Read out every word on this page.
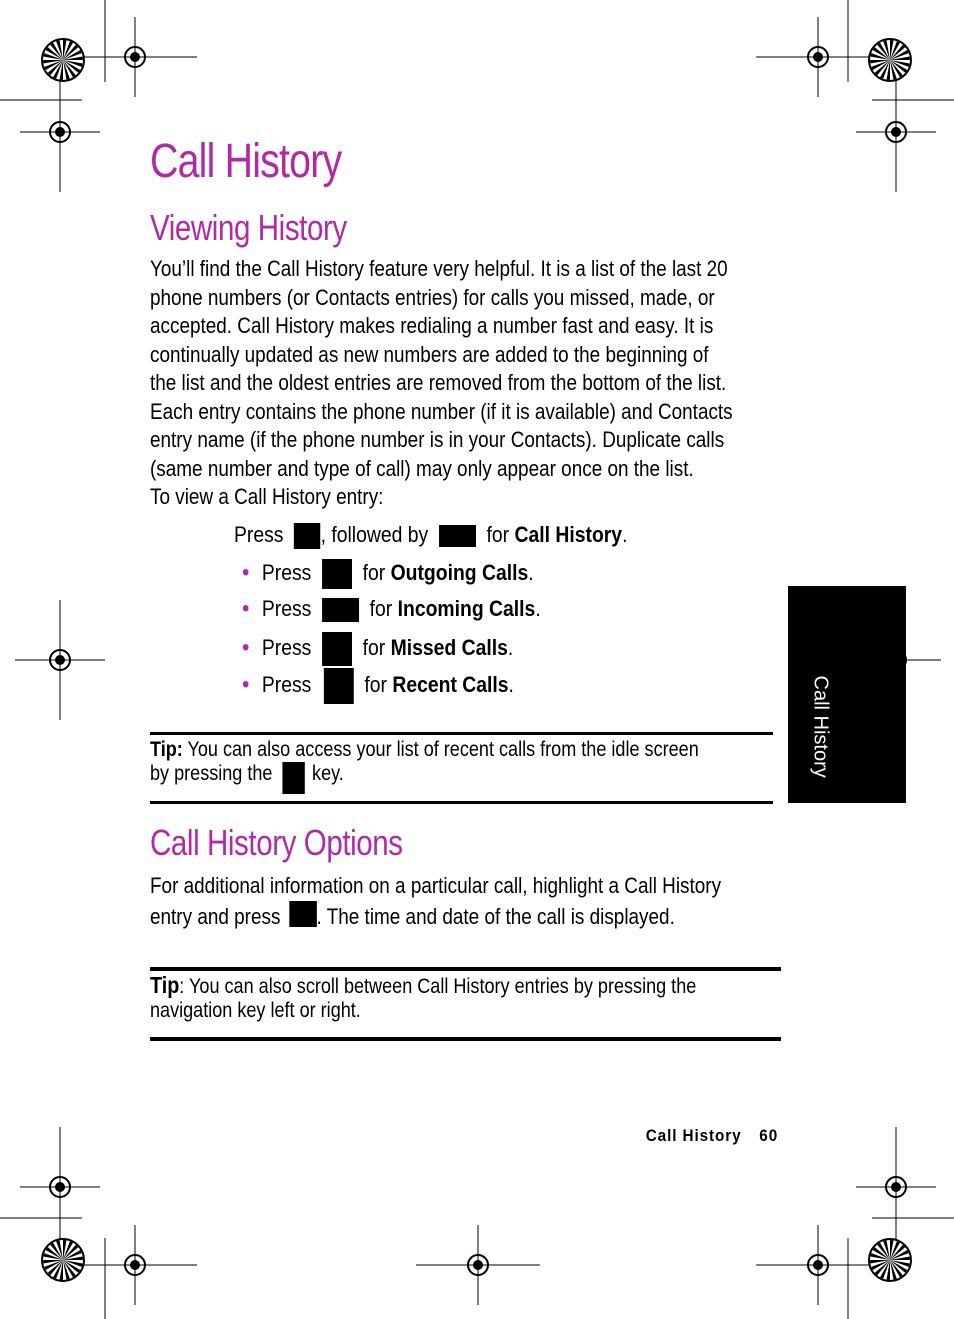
Call History
Viewing History
You’ll find the Call History feature very helpful. It is a list of the last 20
phone numbers (or Contacts entries) for calls you missed, made, or
accepted. Call History makes redialing a number fast and easy. It is
continually updated as new numbers are added to the beginning of
the list and the oldest entries are removed from the bottom of the list.
Each entry contains the phone number (if it is available) and Contacts
entry name (if the phone number is in your Contacts). Duplicate calls
(same number and type of call) may only appear once on the list.
To view a Call History entry:
Press , followed by	for Call History.
• Press for Outgoing Calls.
• Press	for Incoming Calls.
• Press for Missed Calls.
• Press for Recent Calls.
Tip: You can also access your list of recent calls from the idle screen
by pressing the key.
Call History Options
For additional information on a particular call, highlight a Call History
entry and press . The time and date of the call is displayed.
Tip: You can also scroll between Call History entries by pressing the
navigation key left or right.
Call History
Call History 60
